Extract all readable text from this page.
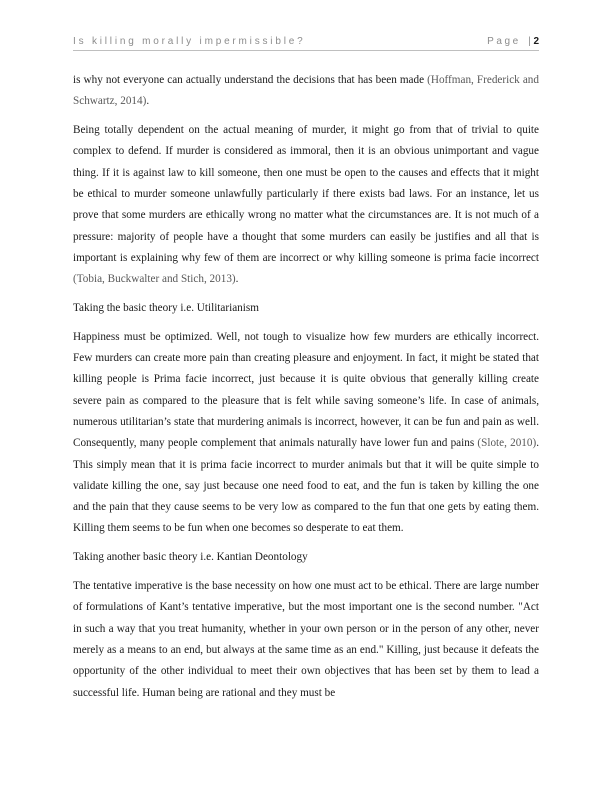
Is killing morally impermissible?	Page |2

is why not everyone can actually understand the decisions that has been made (Hoffman, Frederick and Schwartz, 2014).

Being totally dependent on the actual meaning of murder, it might go from that of trivial to quite complex to defend. If murder is considered as immoral, then it is an obvious unimportant and vague thing. If it is against law to kill someone, then one must be open to the causes and effects that it might be ethical to murder someone unlawfully particularly if there exists bad laws. For an instance, let us prove that some murders are ethically wrong no matter what the circumstances are. It is not much of a pressure: majority of people have a thought that some murders can easily be justifies and all that is important is explaining why few of them are incorrect or why killing someone is prima facie incorrect (Tobia, Buckwalter and Stich, 2013).

Taking the basic theory i.e. Utilitarianism

Happiness must be optimized. Well, not tough to visualize how few murders are ethically incorrect. Few murders can create more pain than creating pleasure and enjoyment. In fact, it might be stated that killing people is Prima facie incorrect, just because it is quite obvious that generally killing create severe pain as compared to the pleasure that is felt while saving someone’s life. In case of animals, numerous utilitarian’s state that murdering animals is incorrect, however, it can be fun and pain as well. Consequently, many people complement that animals naturally have lower fun and pains (Slote, 2010). This simply mean that it is prima facie incorrect to murder animals but that it will be quite simple to validate killing the one, say just because one need food to eat, and the fun is taken by killing the one and the pain that they cause seems to be very low as compared to the fun that one gets by eating them. Killing them seems to be fun when one becomes so desperate to eat them.

Taking another basic theory i.e. Kantian Deontology

The tentative imperative is the base necessity on how one must act to be ethical. There are large number of formulations of Kant’s tentative imperative, but the most important one is the second number. "Act in such a way that you treat humanity, whether in your own person or in the person of any other, never merely as a means to an end, but always at the same time as an end." Killing, just because it defeats the opportunity of the other individual to meet their own objectives that has been set by them to lead a successful life. Human being are rational and they must be
